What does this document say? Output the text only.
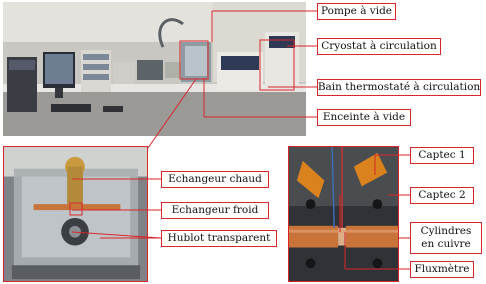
Pompe à vide
Cryostat à circulation
Bain thermostaté à circulation
Enceinte à vide
Echangeur chaud
Echangeur froid
Hublot transparent
Captec 1
Captec 2
Cylindres en cuivre
Fluxmètre
